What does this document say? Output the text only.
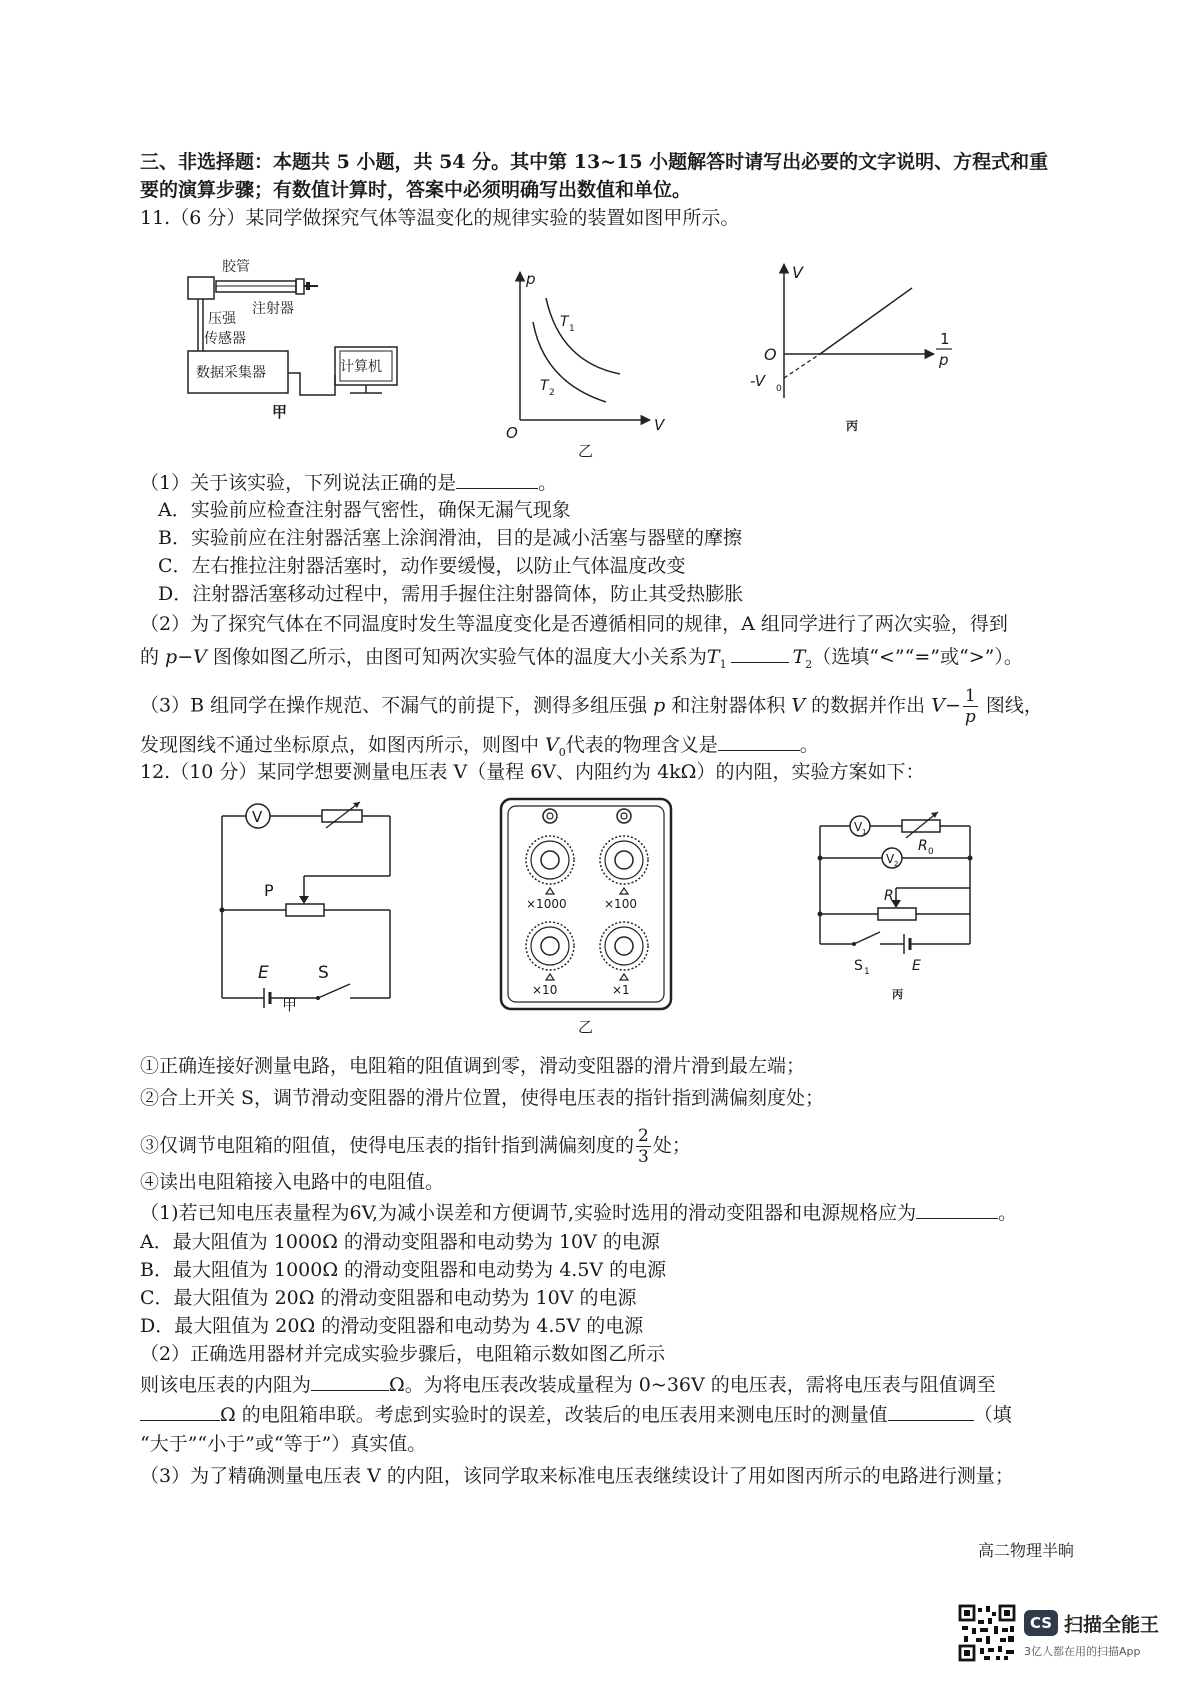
三、非选择题：本题共 5 小题，共 54 分。其中第 13~15 小题解答时请写出必要的文字说明、方程式和重
要的演算步骤；有数值计算时，答案中必须明确写出数值和单位。
11.（6 分）某同学做探究气体等温变化的规律实验的装置如图甲所示。
胶管
注射器
压强
传感器
数据采集器	计算机
甲
p
V
O
T 1
T 2
乙
V
O
-V 0
1
p
丙
（1）关于该实验，下列说法正确的是	。
A．实验前应检查注射器气密性，确保无漏气现象
B．实验前应在注射器活塞上涂润滑油，目的是减小活塞与器壁的摩擦
C．左右推拉注射器活塞时，动作要缓慢，以防止气体温度改变
D．注射器活塞移动过程中，需用手握住注射器筒体，防止其受热膨胀
（2）为了探究气体在不同温度时发生等温度变化是否遵循相同的规律，A 组同学进行了两次实验，得到
的 p−V 图像如图乙所示，由图可知两次实验气体的温度大小关系为$T_1$	$T_2$（选填“<”“=”或“>”）。
（3）B 组同学在操作规范、不漏气的前提下，测得多组压强 p 和注射器体积 V 的数据并作出 $V- \frac{1}{p}$ 图线，
发现图线不通过坐标原点，如图丙所示，则图中 $V_0$代表的物理含义是	。
12.（10 分）某同学想要测量电压表 V（量程 6V、内阻约为 4kΩ）的内阻，实验方案如下：
V
P
E	S
甲
×1000	×100
×10	×1
乙
V 1
R 0
V 2
R
S 1	E
丙
①正确连接好测量电路，电阻箱的阻值调到零，滑动变阻器的滑片滑到最左端；
②合上开关 S，调节滑动变阻器的滑片位置，使得电压表的指针指到满偏刻度处；
③仅调节电阻箱的阻值，使得电压表的指针指到满偏刻度的 $\frac{2}{3}$ 处；
④读出电阻箱接入电路中的电阻值。
（1)若已知电压表量程为6V,为减小误差和方便调节,实验时选用的滑动变阻器和电源规格应为	。
A．最大阻值为 1000Ω 的滑动变阻器和电动势为 10V 的电源
B．最大阻值为 1000Ω 的滑动变阻器和电动势为 4.5V 的电源
C．最大阻值为 20Ω 的滑动变阻器和电动势为 10V 的电源
D．最大阻值为 20Ω 的滑动变阻器和电动势为 4.5V 的电源
（2）正确选用器材并完成实验步骤后，电阻箱示数如图乙所示
则该电压表的内阻为	Ω。为将电压表改装成量程为 0~36V 的电压表，需将电压表与阻值调至
Ω 的电阻箱串联。考虑到实验时的误差，改装后的电压表用来测电压时的测量值	（填
“大于”“小于”或“等于”）真实值。
（3）为了精确测量电压表 V 的内阻，该同学取来标准电压表继续设计了用如图丙所示的电路进行测量；
高二物理半晌
CS 扫描全能王
3亿人都在用的扫描App
